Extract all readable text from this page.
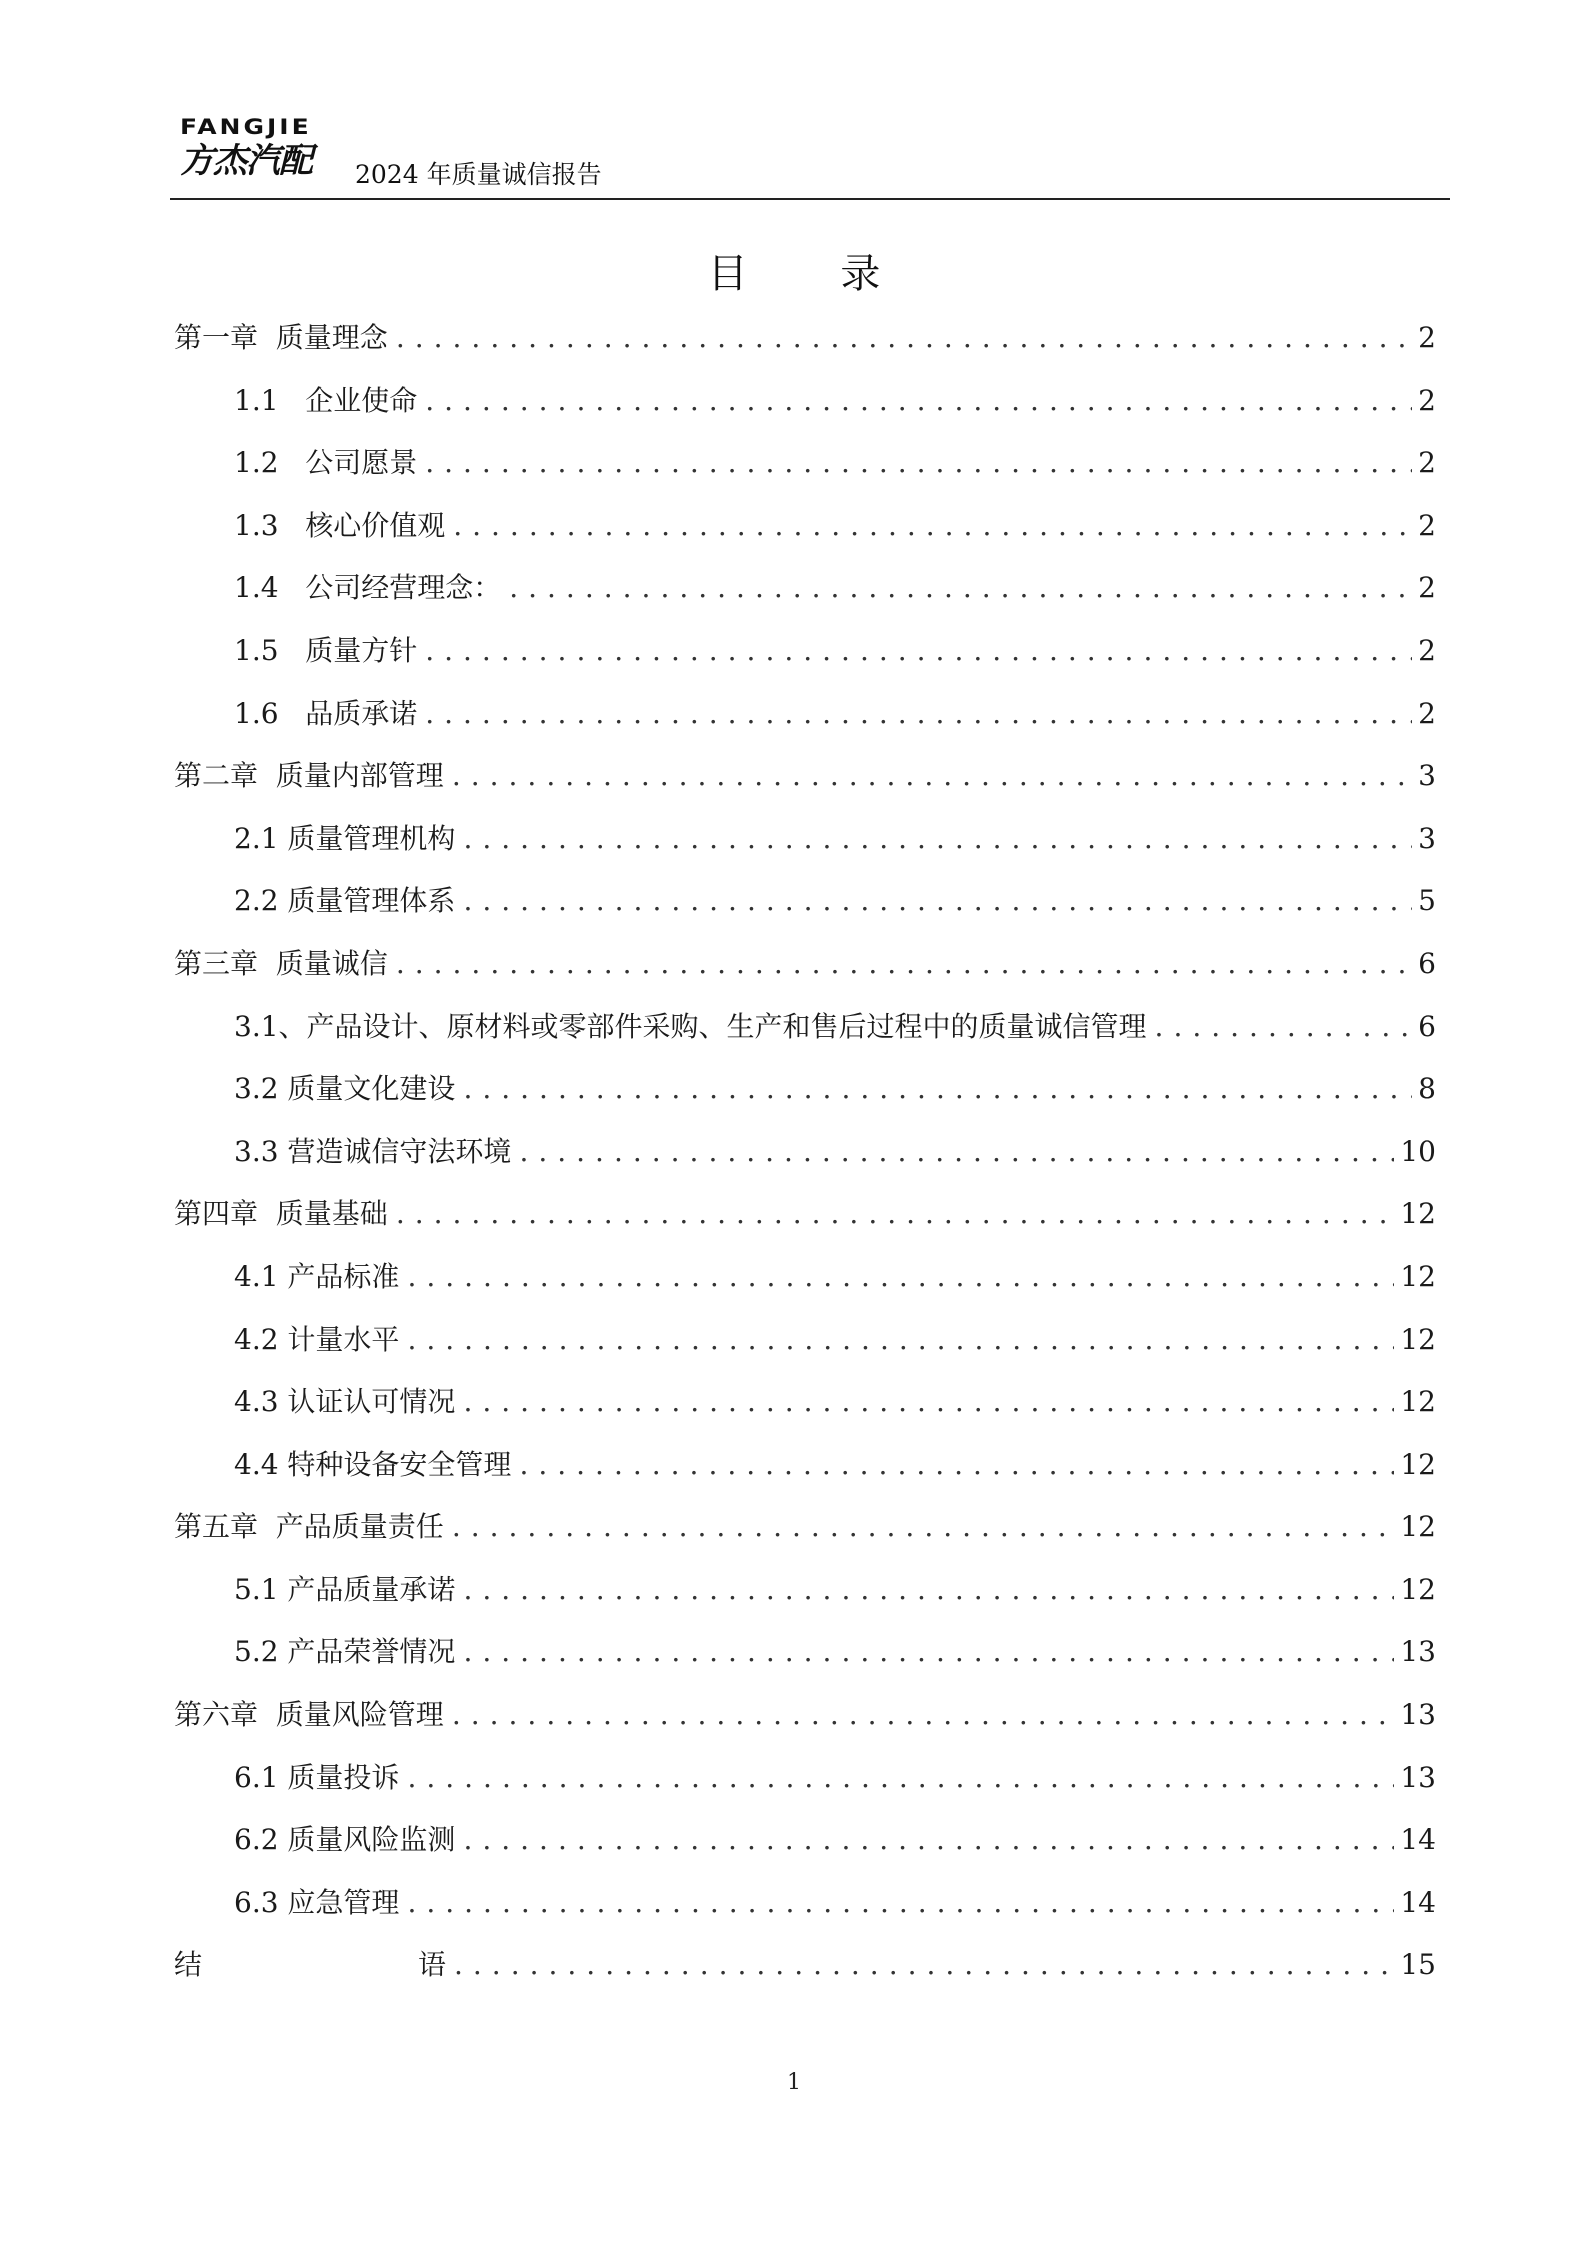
FANGJIE
方杰汽配	2024 年质量诚信报告
目 录
第一章  质量理念 .....	2
1.1   企业使命 .....	2
1.2   公司愿景 .....	2
1.3   核心价值观 .....	2
1.4   公司经营理念： .....	2
1.5   质量方针 .....	2
1.6   品质承诺 .....	2
第二章  质量内部管理 .....	3
2.1 质量管理机构 .....	3
2.2 质量管理体系 .....	5
第三章  质量诚信 .....	6
3.1、产品设计、原材料或零部件采购、生产和售后过程中的质量诚信管理 .....	6
3.2 质量文化建设 .....	8
3.3 营造诚信守法环境 .....	10
第四章  质量基础 .....	12
4.1 产品标准 .....	12
4.2 计量水平 .....	12
4.3 认证认可情况 .....	12
4.4 特种设备安全管理 .....	12
第五章  产品质量责任 .....	12
5.1 产品质量承诺 .....	12
5.2 产品荣誉情况 .....	13
第六章  质量风险管理 .....	13
6.1 质量投诉 .....	13
6.2 质量风险监测 .....	14
6.3 应急管理 .....	14
结	语 .....	15
1
